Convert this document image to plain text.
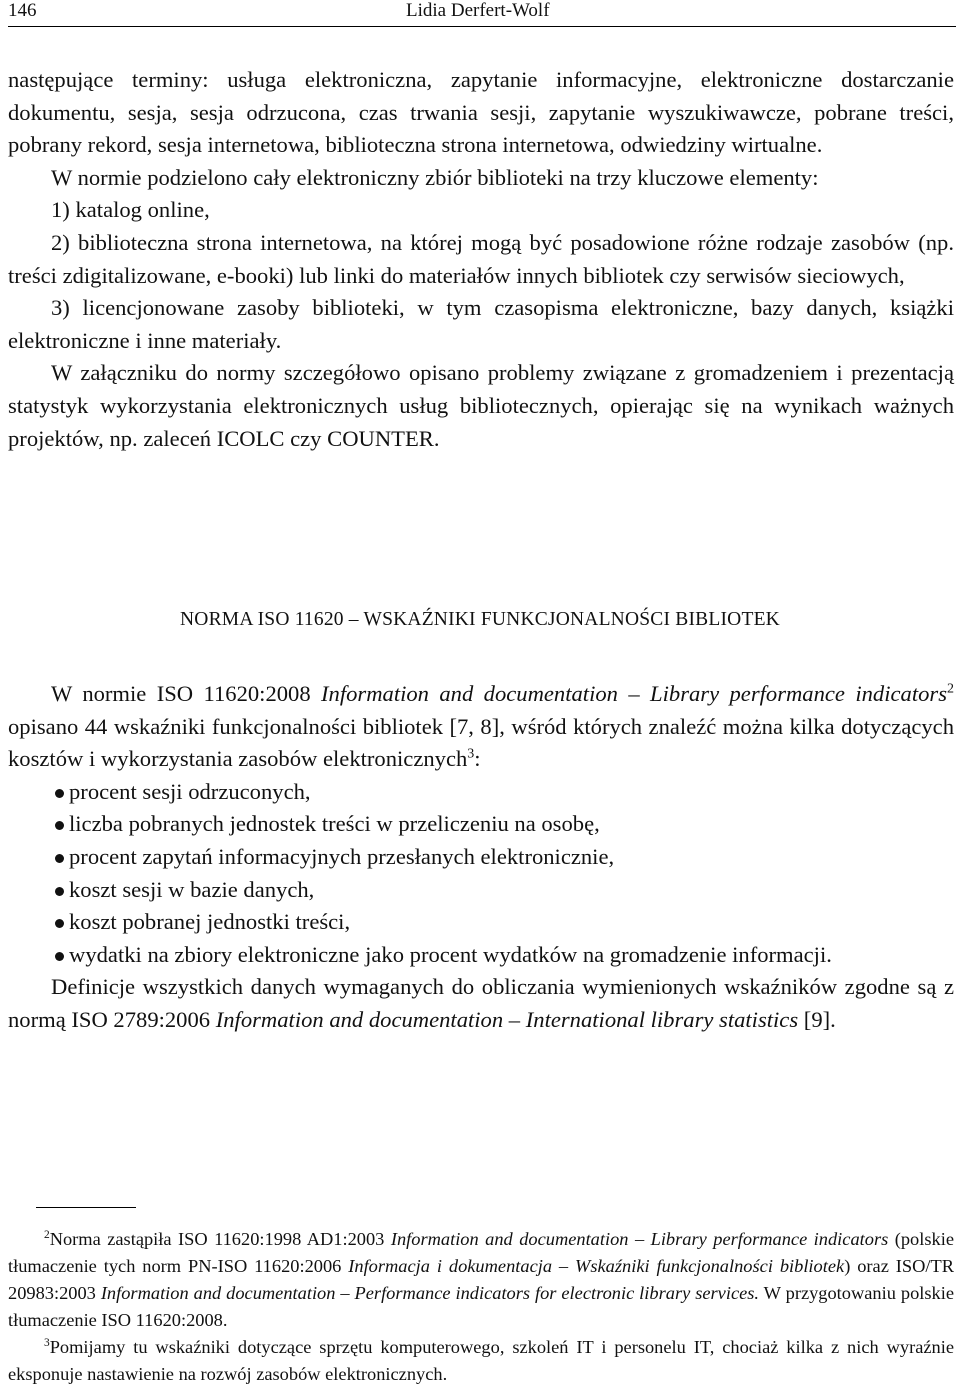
146	Lidia Derfert-Wolf

następujące terminy: usługa elektroniczna, zapytanie informacyjne, elektroniczne dostarczanie dokumentu, sesja, sesja odrzucona, czas trwania sesji, zapytanie wyszukiwawcze, pobrane treści, pobrany rekord, sesja internetowa, biblioteczna strona internetowa, odwiedziny wirtualne.

W normie podzielono cały elektroniczny zbiór biblioteki na trzy kluczowe elementy:

1) katalog online,

2) biblioteczna strona internetowa, na której mogą być posadowione różne rodzaje zasobów (np. treści zdigitalizowane, e-booki) lub linki do materiałów innych bibliotek czy serwisów sieciowych,

3) licencjonowane zasoby biblioteki, w tym czasopisma elektroniczne, bazy danych, książki elektroniczne i inne materiały.

W załączniku do normy szczegółowo opisano problemy związane z gromadzeniem i prezentacją statystyk wykorzystania elektronicznych usług bibliotecznych, opierając się na wynikach ważnych projektów, np. zaleceń ICOLC czy COUNTER.

NORMA ISO 11620 – WSKAŹNIKI FUNKCJONALNOŚCI BIBLIOTEK

W normie ISO 11620:2008 Information and documentation – Library performance indicators$^2$ opisano 44 wskaźniki funkcjonalności bibliotek [7, 8], wśród których znaleźć można kilka dotyczących kosztów i wykorzystania zasobów elektronicznych$^3$:

procent sesji odrzuconych,
liczba pobranych jednostek treści w przeliczeniu na osobę,
procent zapytań informacyjnych przesłanych elektronicznie,
koszt sesji w bazie danych,
koszt pobranej jednostki treści,
wydatki na zbiory elektroniczne jako procent wydatków na gromadzenie informacji.

Definicje wszystkich danych wymaganych do obliczania wymienionych wskaźników zgodne są z normą ISO 2789:2006 Information and documentation – International library statistics [9].

$^2$Norma zastąpiła ISO 11620:1998 AD1:2003 Information and documentation – Library performance indicators (polskie tłumaczenie tych norm PN-ISO 11620:2006 Informacja i dokumentacja – Wskaźniki funkcjonalności bibliotek) oraz ISO/TR 20983:2003 Information and documentation – Performance indicators for electronic library services. W przygotowaniu polskie tłumaczenie ISO 11620:2008.

$^3$Pomijamy tu wskaźniki dotyczące sprzętu komputerowego, szkoleń IT i personelu IT, chociaż kilka z nich wyraźnie eksponuje nastawienie na rozwój zasobów elektronicznych.
